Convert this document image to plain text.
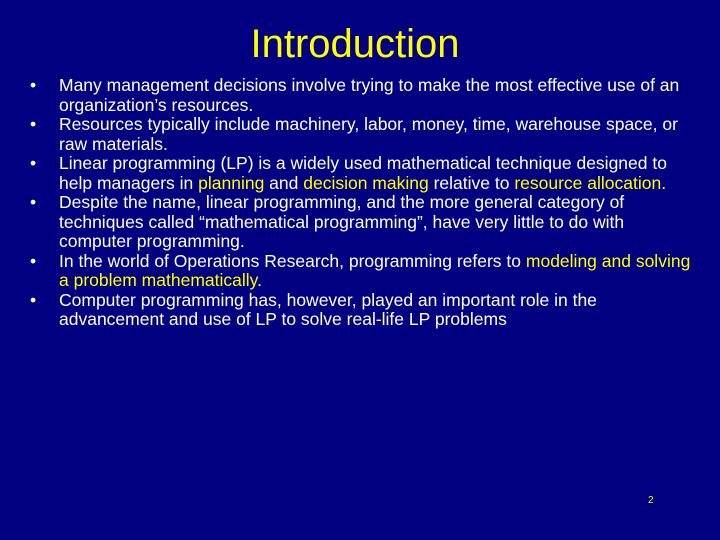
Introduction
•	Many management decisions involve trying to make the most effective use of an organization’s resources.
•	Resources typically include machinery, labor, money, time, warehouse space, or raw materials.
•	Linear programming (LP) is a widely used mathematical technique designed to help managers in planning and decision making relative to resource allocation.
•	Despite the name, linear programming, and the more general category of techniques called “mathematical programming”, have very little to do with computer programming.
•	In the world of Operations Research, programming refers to modeling and solving a problem mathematically.
•	Computer programming has, however, played an important role in the advancement and use of LP to solve real-life LP problems
2
